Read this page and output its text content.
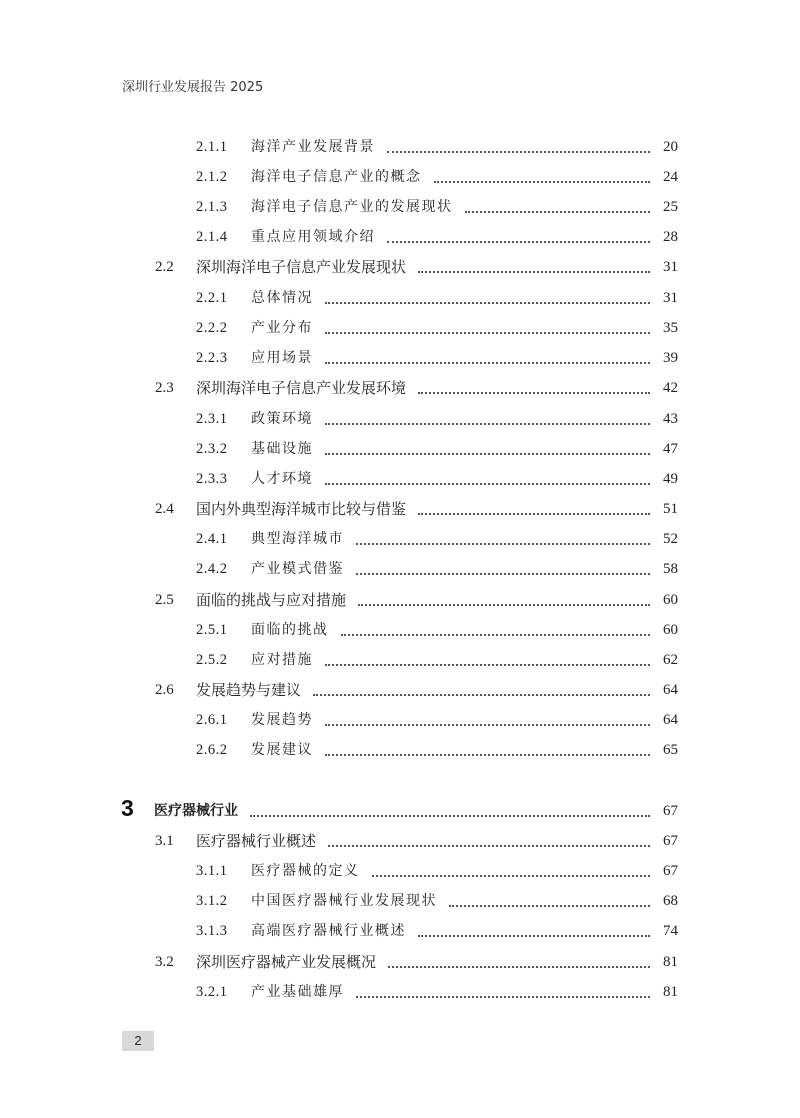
深圳行业发展报告 2025
2.1.1 海洋产业发展背景	20
2.1.2 海洋电子信息产业的概念	24
2.1.3 海洋电子信息产业的发展现状	25
2.1.4 重点应用领域介绍	28
2.2 深圳海洋电子信息产业发展现状	31
2.2.1 总体情况	31
2.2.2 产业分布	35
2.2.3 应用场景	39
2.3 深圳海洋电子信息产业发展环境	42
2.3.1 政策环境	43
2.3.2 基础设施	47
2.3.3 人才环境	49
2.4 国内外典型海洋城市比较与借鉴	51
2.4.1 典型海洋城市	52
2.4.2 产业模式借鉴	58
2.5 面临的挑战与应对措施	60
2.5.1 面临的挑战	60
2.5.2 应对措施	62
2.6 发展趋势与建议	64
2.6.1 发展趋势	64
2.6.2 发展建议	65
3 医疗器械行业	67
3.1 医疗器械行业概述	67
3.1.1 医疗器械的定义	67
3.1.2 中国医疗器械行业发展现状	68
3.1.3 高端医疗器械行业概述	74
3.2 深圳医疗器械产业发展概况	81
3.2.1 产业基础雄厚	81
2
